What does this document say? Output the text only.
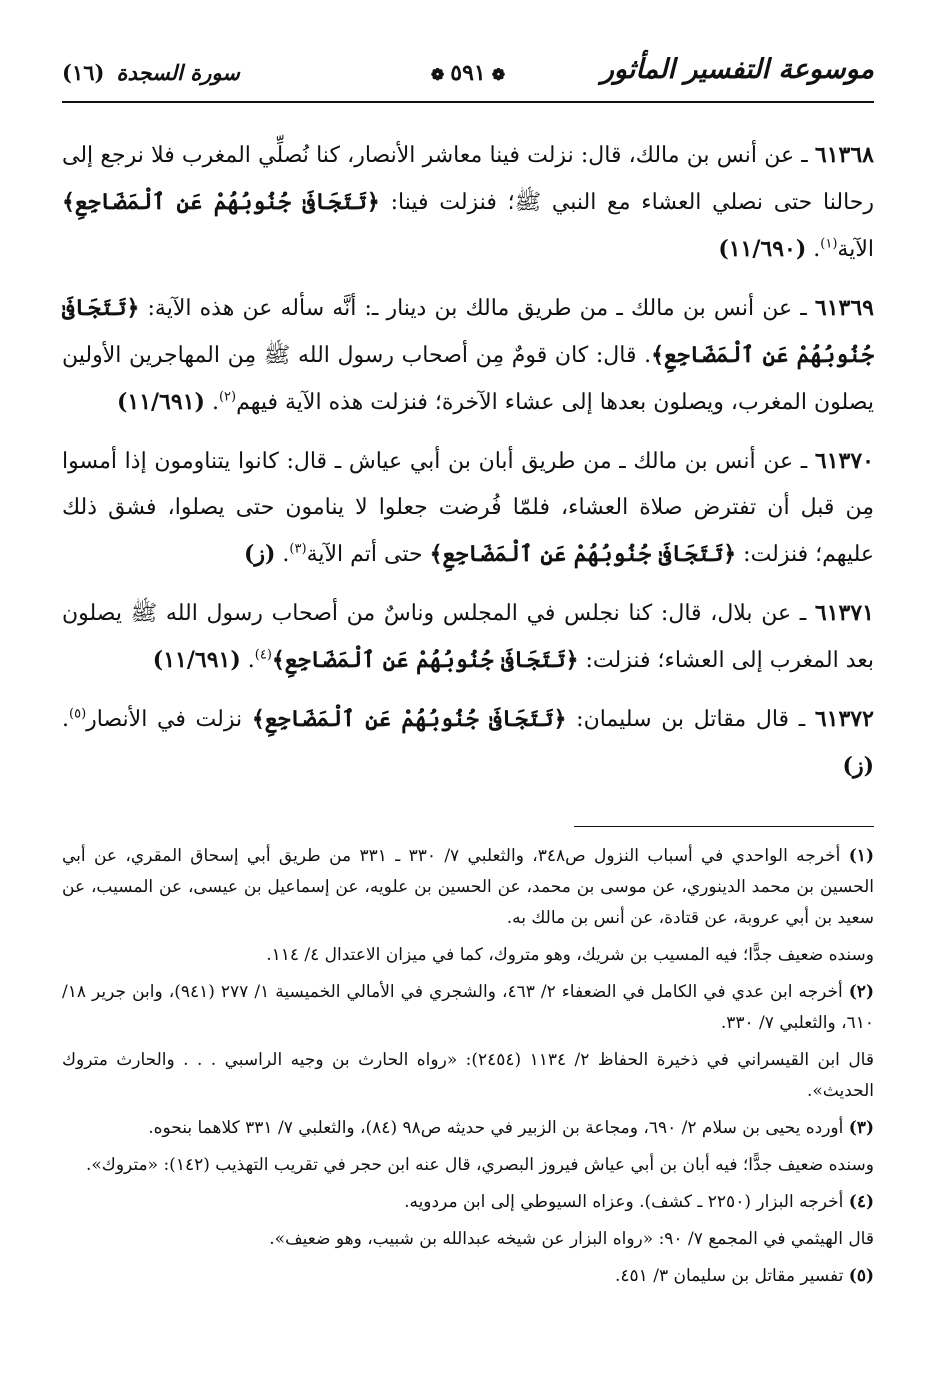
موسوعة التفسير المأثور
❁٥٩١❁
سورة السجدة(١٦)

٦١٣٦٨ ـ عن أنس بن مالك، قال: نزلت فينا معاشر الأنصار، كنا نُصلِّي المغرب فلا نرجع إلى رحالنا حتى نصلي العشاء مع النبي ﷺ؛ فنزلت فينا: ﴿تَتَجَافَىٰ جُنُوبُهُمْ عَنِ ٱلْمَضَاجِعِ﴾ الآية$^{(١)}$. (١١/٦٩٠)

٦١٣٦٩ ـ عن أنس بن مالك ـ من طريق مالك بن دينار ـ: أنَّه سأله عن هذه الآية: ﴿تَتَجَافَىٰ جُنُوبُهُمْ عَنِ ٱلْمَضَاجِعِ﴾. قال: كان قومٌ مِن أصحاب رسول الله ﷺ مِن المهاجرين الأولين يصلون المغرب، ويصلون بعدها إلى عشاء الآخرة؛ فنزلت هذه الآية فيهم$^{(٢)}$. (١١/٦٩١)

٦١٣٧٠ ـ عن أنس بن مالك ـ من طريق أبان بن أبي عياش ـ قال: كانوا يتناومون إذا أمسوا مِن قبل أن تفترض صلاة العشاء، فلمّا فُرضت جعلوا لا ينامون حتى يصلوا، فشق ذلك عليهم؛ فنزلت: ﴿تَتَجَافَىٰ جُنُوبُهُمْ عَنِ ٱلْمَضَاجِعِ﴾ حتى أتم الآية$^{(٣)}$. (ز)

٦١٣٧١ ـ عن بلال، قال: كنا نجلس في المجلس وناسٌ من أصحاب رسول الله ﷺ يصلون بعد المغرب إلى العشاء؛ فنزلت: ﴿تَتَجَافَىٰ جُنُوبُهُمْ عَنِ ٱلْمَضَاجِعِ﴾$^{(٤)}$. (١١/٦٩١)

٦١٣٧٢ ـ قال مقاتل بن سليمان: ﴿تَتَجَافَىٰ جُنُوبُهُمْ عَنِ ٱلْمَضَاجِعِ﴾ نزلت في الأنصار$^{(٥)}$. (ز)

(١) أخرجه الواحدي في أسباب النزول ص٣٤٨، والثعلبي ٧/ ٣٣٠ ـ ٣٣١ من طريق أبي إسحاق المقري، عن أبي الحسين بن محمد الدينوري، عن موسى بن محمد، عن الحسين بن علويه، عن إسماعيل بن عيسى، عن المسيب، عن سعيد بن أبي عروبة، عن قتادة، عن أنس بن مالك به.

وسنده ضعيف جدًّا؛ فيه المسيب بن شريك، وهو متروك، كما في ميزان الاعتدال ٤/ ١١٤.

(٢) أخرجه ابن عدي في الكامل في الضعفاء ٢/ ٤٦٣، والشجري في الأمالي الخميسية ١/ ٢٧٧ (٩٤١)، وابن جرير ١٨/ ٦١٠، والثعلبي ٧/ ٣٣٠.

قال ابن القيسراني في ذخيرة الحفاظ ٢/ ١١٣٤ (٢٤٥٤): «رواه الحارث بن وجيه الراسبي . . . والحارث متروك الحديث».

(٣) أورده يحيى بن سلام ٢/ ٦٩٠، ومجاعة بن الزبير في حديثه ص٩٨ (٨٤)، والثعلبي ٧/ ٣٣١ كلاهما بنحوه.

وسنده ضعيف جدًّا؛ فيه أبان بن أبي عياش فيروز البصري، قال عنه ابن حجر في تقريب التهذيب (١٤٢): «متروك».

(٤) أخرجه البزار (٢٢٥٠ ـ كشف). وعزاه السيوطي إلى ابن مردويه.

قال الهيثمي في المجمع ٧/ ٩٠: «رواه البزار عن شيخه عبدالله بن شبيب، وهو ضعيف».

(٥) تفسير مقاتل بن سليمان ٣/ ٤٥١.
